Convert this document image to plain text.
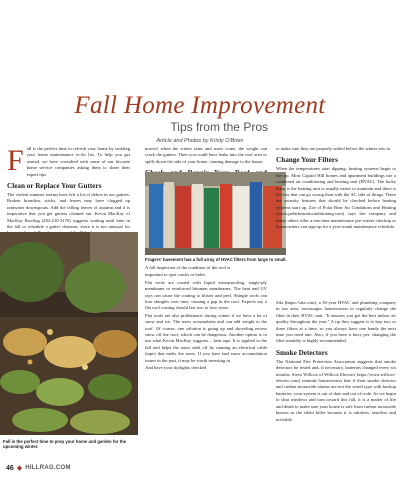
Fall Home Improvement
Tips from the Pros
Article and Photos by Kristy O'Brien

Fall is the perfect time to refresh your home by tackling your home maintenance to-do list. To help you get started, we have consulted with some of our favorite home service companies asking them to share their expert tips.

Clean or Replace Your Gutters

The violent summer storms have left a lot of debris in our gutters. Broken branches, sticks, and leaves may have clogged up rainwater downspouts. Add the falling leaves of autumn and it is imperative that you get gutters cleaned out. Kevin MacKay of MacKay Roofing (202-210-2170) suggests waiting until later in the fall to schedule a gutter cleanout, since it is not unusual for

moved, when the winter rains and snow come, the weight can crack the gutters. Then you could have leaks into the roof area or spills down the side of your home, causing damage to the house.

Fragers' basement has a full array of HVAC filters from large to small.

A fall inspection of the condition of the roof is

important to spot cracks or holes.

Flat roofs are coated with liquid waterproofing, single-ply membrane or reinforced bitumen membranes. The heat and UV rays can cause the coating to blister and peel. Shingle roofs can lose shingles over time, causing a gap in the roof. Experts say a flat roof coating should last two to four years.

Flat roofs are also problematic during winter if we have a lot of snow and ice. The snow accumulates and can add weight to the roof. Of course, one solution is going up and shoveling excess snow off the roof, which can be dangerous. Another option is to use what Kevin MacKay suggests – heat tape. It is applied to the fall and helps the snow melt off by running an electrical cable (tape) that melts the snow. If you have had snow accumulation issues in the past, it may be worth investing in.

And have your skylights checked

to make sure they are properly sealed before the winter sets in.

Change Your Filters

When the temperatures start dipping, heating systems begin to fire up. Most Capitol Hill homes and apartment buildings use a combined air conditioning and heating unit (HVAC). The lucky thing is the heating unit is usually easier to maintain and there is far less that can go wrong than with the AC side of things. There are security features that should be checked before heating systems start up. Zoe of Polar Bear Air Conditions and Heating (www.polarbearairconditioning.com) says her company and many others offer a one-time maintenance pre-winter checkup or homeowners can sign up for a year-round maintenance schedule.

Sila (https://sila.com), a 30-year HVAC and plumbing company in our area, encourages homeowners to regularly change the filter in their HVAC unit. "It ensures you get the best indoor air quality throughout the year." A tip they suggest is to buy two or three filters at a time, so you always have one handy the next time you need one. Also, if you have a furry pet, changing the filter monthly is highly recommended.

Smoke Detectors

The National Fire Protection Association suggests that smoke detectors be tested and, if necessary, batteries changed every six months. Steve Willcox of Willcox Electric( https://www.willcox-electric.com) reminds homeowners that if their smoke detector and carbon monoxide alarms are not the wired type with backup batteries, your system is out of date and out of code. As we begin to shut windows and turn toward this fall, it is a matter of life and death to make sure your house is safe from carbon monoxide known as the silent killer because it is odorless, tasteless and invisible.

Fall is the perfect time to prep your home and garden for the upcoming winter.
46 ◆ HILLRAG.COM
